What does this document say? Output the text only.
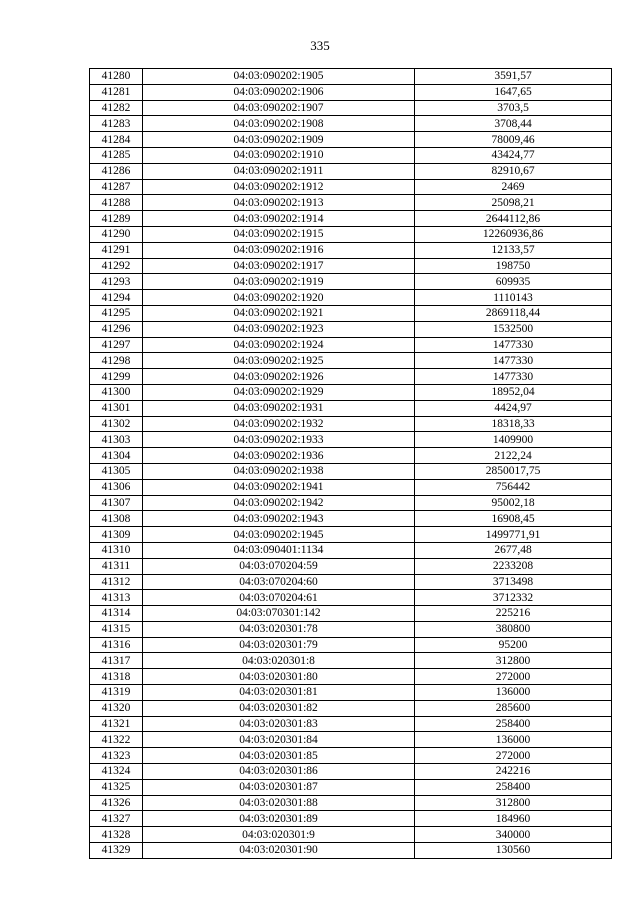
335
41280	04:03:090202:1905	3591,57
41281	04:03:090202:1906	1647,65
41282	04:03:090202:1907	3703,5
41283	04:03:090202:1908	3708,44
41284	04:03:090202:1909	78009,46
41285	04:03:090202:1910	43424,77
41286	04:03:090202:1911	82910,67
41287	04:03:090202:1912	2469
41288	04:03:090202:1913	25098,21
41289	04:03:090202:1914	2644112,86
41290	04:03:090202:1915	12260936,86
41291	04:03:090202:1916	12133,57
41292	04:03:090202:1917	198750
41293	04:03:090202:1919	609935
41294	04:03:090202:1920	1110143
41295	04:03:090202:1921	2869118,44
41296	04:03:090202:1923	1532500
41297	04:03:090202:1924	1477330
41298	04:03:090202:1925	1477330
41299	04:03:090202:1926	1477330
41300	04:03:090202:1929	18952,04
41301	04:03:090202:1931	4424,97
41302	04:03:090202:1932	18318,33
41303	04:03:090202:1933	1409900
41304	04:03:090202:1936	2122,24
41305	04:03:090202:1938	2850017,75
41306	04:03:090202:1941	756442
41307	04:03:090202:1942	95002,18
41308	04:03:090202:1943	16908,45
41309	04:03:090202:1945	1499771,91
41310	04:03:090401:1134	2677,48
41311	04:03:070204:59	2233208
41312	04:03:070204:60	3713498
41313	04:03:070204:61	3712332
41314	04:03:070301:142	225216
41315	04:03:020301:78	380800
41316	04:03:020301:79	95200
41317	04:03:020301:8	312800
41318	04:03:020301:80	272000
41319	04:03:020301:81	136000
41320	04:03:020301:82	285600
41321	04:03:020301:83	258400
41322	04:03:020301:84	136000
41323	04:03:020301:85	272000
41324	04:03:020301:86	242216
41325	04:03:020301:87	258400
41326	04:03:020301:88	312800
41327	04:03:020301:89	184960
41328	04:03:020301:9	340000
41329	04:03:020301:90	130560
